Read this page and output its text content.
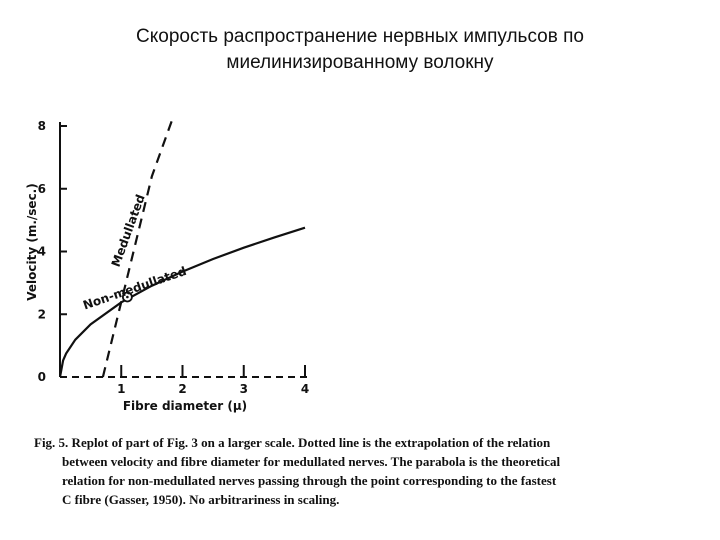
Скорость распространение нервных импульсов по
миелинизированному волокну
0
2
4
6
8
1	2	3	4
Velocity (m./sec.)
Fibre diameter (μ)
Medullated
Non-medullated
Fig. 5. Replot of part of Fig. 3 on a larger scale. Dotted line is the extrapolation of the relation
between velocity and fibre diameter for medullated nerves. The parabola is the theoretical
relation for non-medullated nerves passing through the point corresponding to the fastest
C fibre (Gasser, 1950). No arbitrariness in scaling.
